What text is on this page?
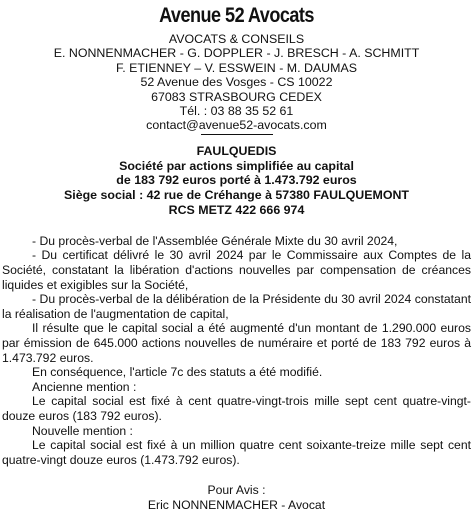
Avenue 52 Avocats
AVOCATS & CONSEILS
E. NONNENMACHER - G. DOPPLER - J. BRESCH - A. SCHMITT
F. ETIENNEY – V. ESSWEIN - M. DAUMAS
52 Avenue des Vosges - CS 10022
67083 STRASBOURG CEDEX
Tél. : 03 88 35 52 61
contact@avenue52-avocats.com
FAULQUEDIS
Société par actions simplifiée au capital
de 183 792 euros porté à 1.473.792 euros
Siège social : 42 rue de Créhange à 57380 FAULQUEMONT
RCS METZ 422 666 974

- Du procès-verbal de l'Assemblée Générale Mixte du 30 avril 2024,

- Du certificat délivré le 30 avril 2024 par le Commissaire aux Comptes de la Société, constatant la libération d'actions nouvelles par compensation de créances liquides et exigibles sur la Société,

- Du procès-verbal de la délibération de la Présidente du 30 avril 2024 constatant la réalisation de l'augmentation de capital,

Il résulte que le capital social a été augmenté d'un montant de 1.290.000 euros par émission de 645.000 actions nouvelles de numéraire et porté de 183 792 euros à 1.473.792 euros.

En conséquence, l'article 7c des statuts a été modifié.

Ancienne mention :

Le capital social est fixé à cent quatre-vingt-trois mille sept cent quatre-vingt-douze euros (183 792 euros).

Nouvelle mention :

Le capital social est fixé à un million quatre cent soixante-treize mille sept cent quatre-vingt douze euros (1.473.792 euros).

Pour Avis :
Eric NONNENMACHER - Avocat
